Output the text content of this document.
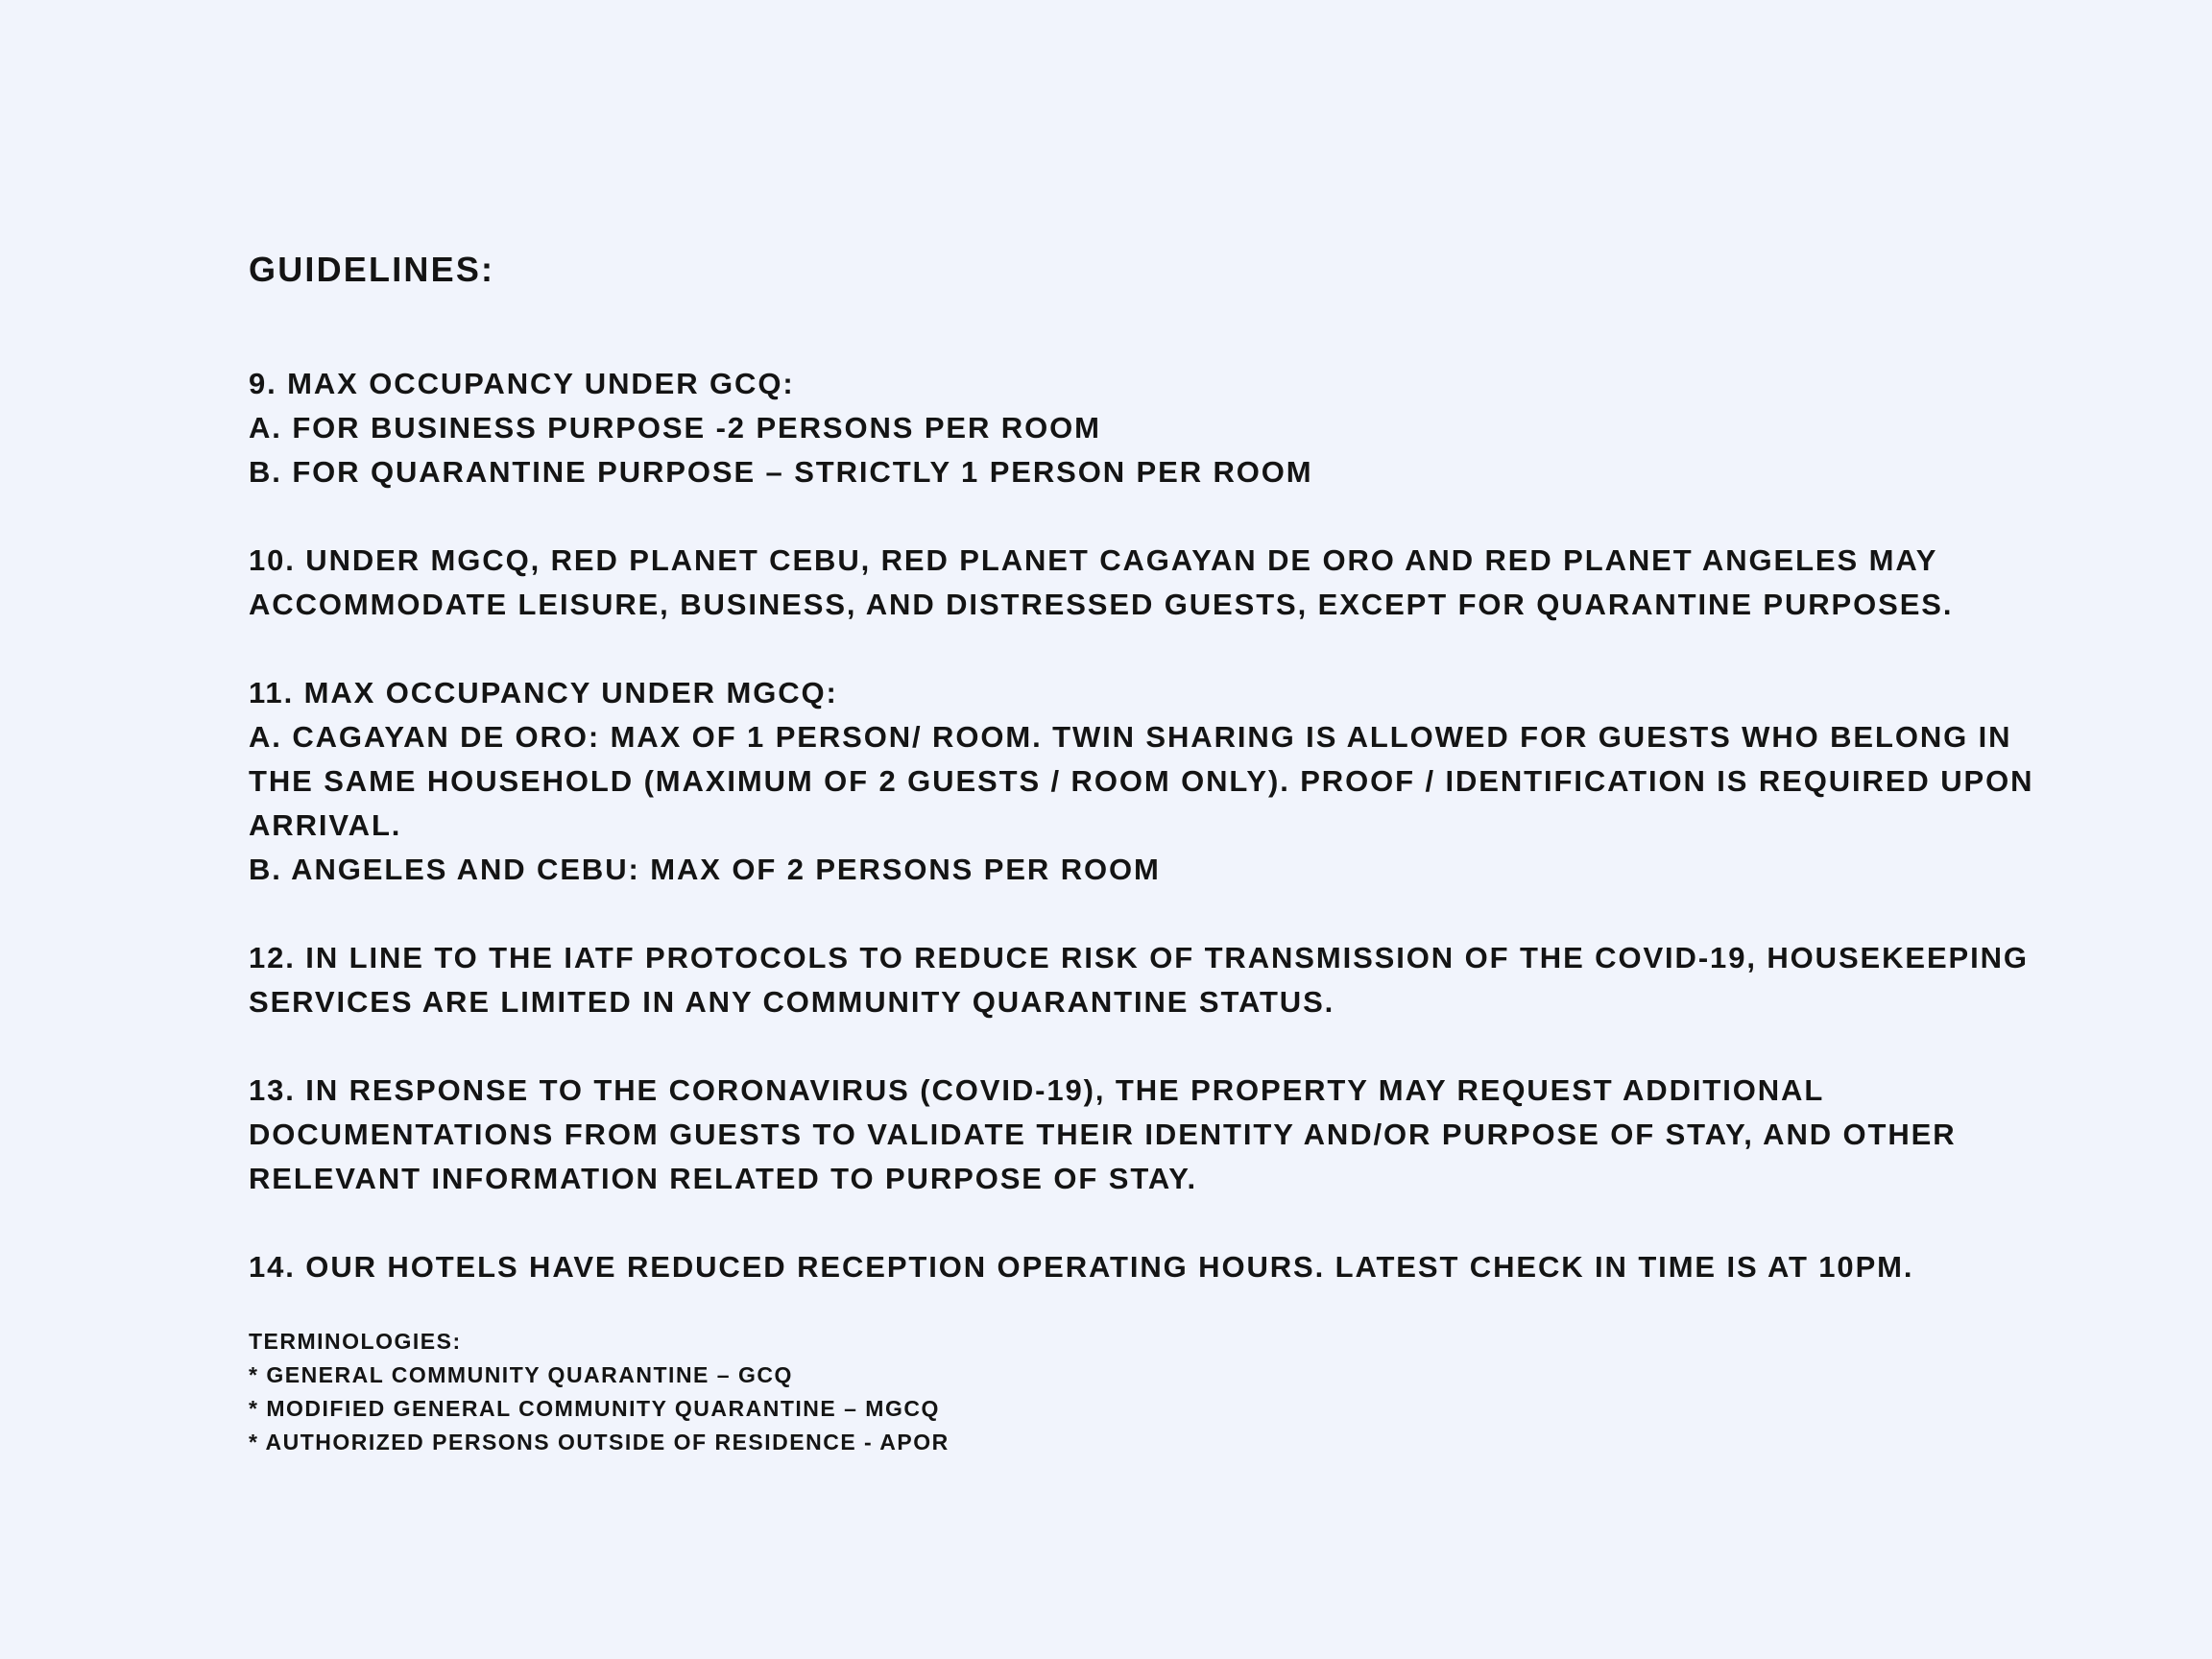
GUIDELINES:
9. MAX OCCUPANCY UNDER GCQ:
A. FOR BUSINESS PURPOSE -2 PERSONS PER ROOM
B. FOR QUARANTINE PURPOSE – STRICTLY 1 PERSON PER ROOM
10. UNDER MGCQ, RED PLANET CEBU, RED PLANET CAGAYAN DE ORO AND RED PLANET ANGELES MAY
ACCOMMODATE LEISURE, BUSINESS, AND DISTRESSED GUESTS, EXCEPT FOR QUARANTINE PURPOSES.
11. MAX OCCUPANCY UNDER MGCQ:
A. CAGAYAN DE ORO: MAX OF 1 PERSON/ ROOM. TWIN SHARING IS ALLOWED FOR GUESTS WHO BELONG IN
THE SAME HOUSEHOLD (MAXIMUM OF 2 GUESTS / ROOM ONLY). PROOF / IDENTIFICATION IS REQUIRED UPON
ARRIVAL.
B. ANGELES AND CEBU: MAX OF 2 PERSONS PER ROOM
12. IN LINE TO THE IATF PROTOCOLS TO REDUCE RISK OF TRANSMISSION OF THE COVID-19, HOUSEKEEPING
SERVICES ARE LIMITED IN ANY COMMUNITY QUARANTINE STATUS.
13. IN RESPONSE TO THE CORONAVIRUS (COVID-19), THE PROPERTY MAY REQUEST ADDITIONAL
DOCUMENTATIONS FROM GUESTS TO VALIDATE THEIR IDENTITY AND/OR PURPOSE OF STAY, AND OTHER
RELEVANT INFORMATION RELATED TO PURPOSE OF STAY.
14. OUR HOTELS HAVE REDUCED RECEPTION OPERATING HOURS. LATEST CHECK IN TIME IS AT 10PM.
TERMINOLOGIES:
* GENERAL COMMUNITY QUARANTINE – GCQ
* MODIFIED GENERAL COMMUNITY QUARANTINE – MGCQ
* AUTHORIZED PERSONS OUTSIDE OF RESIDENCE - APOR
